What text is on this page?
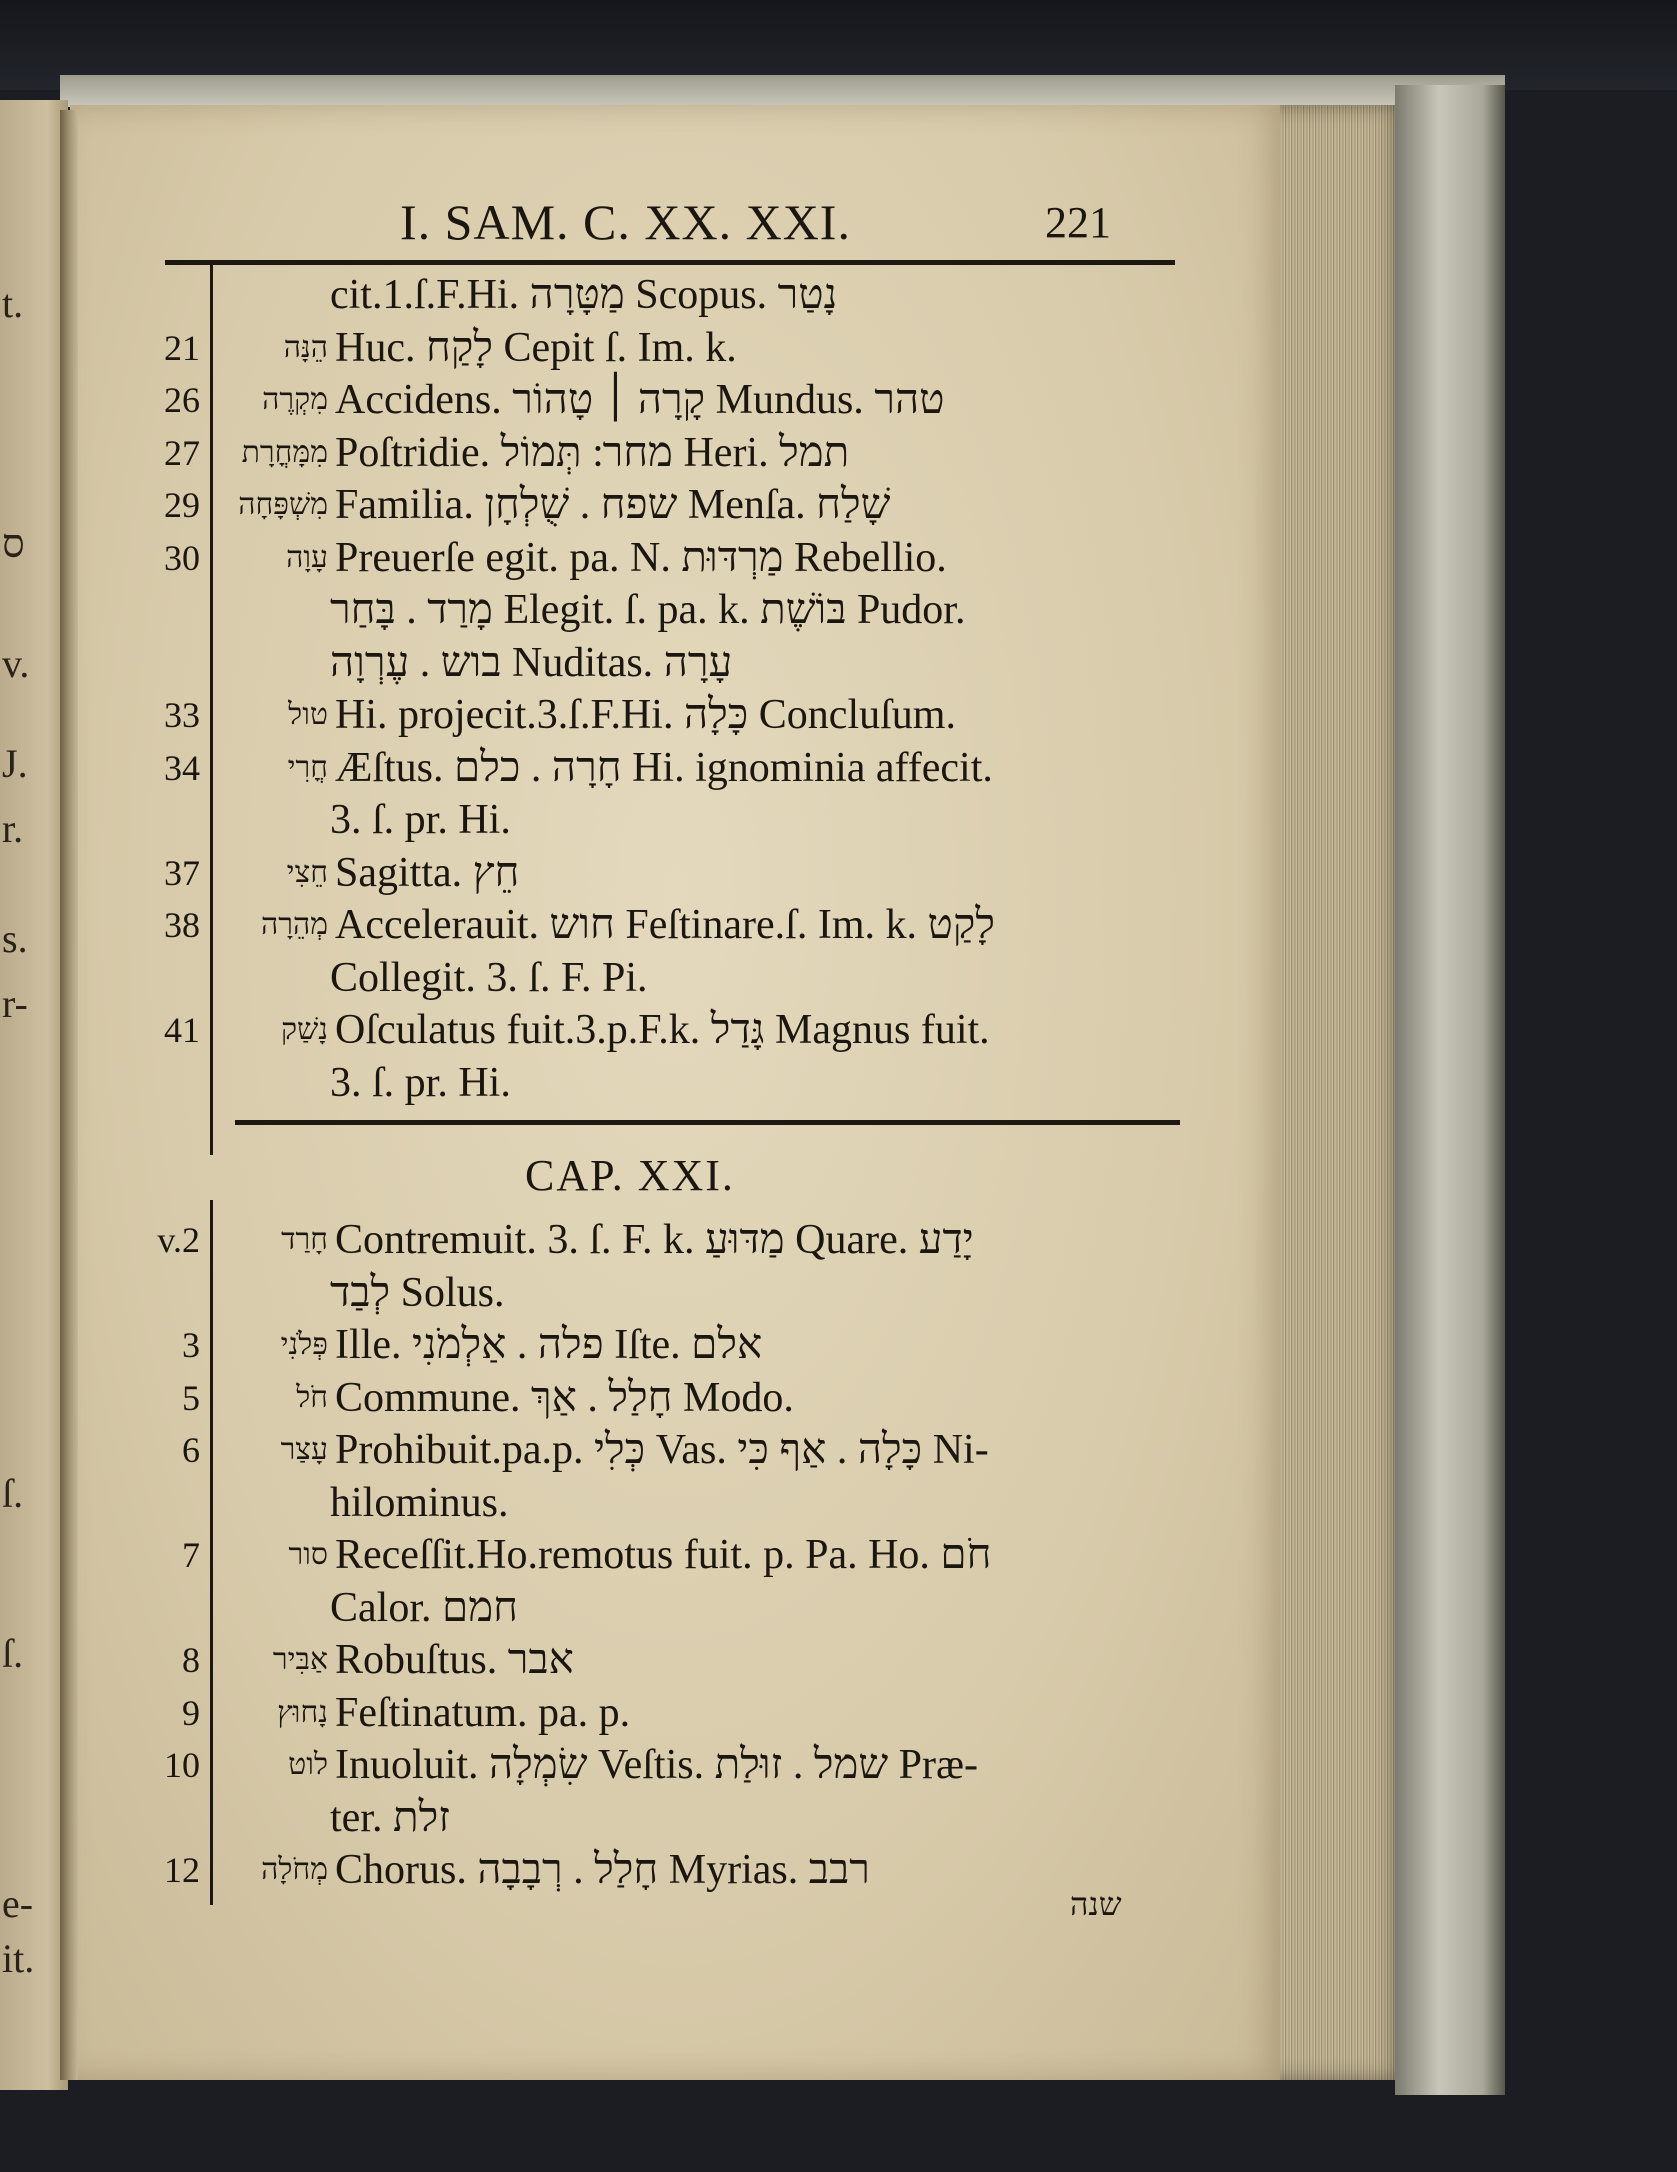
t.
ס
v.
J.
r.
s.
r-
ſ.
ſ.
e-
it.
I. SAM. C. XX. XXI.	221
CAP. XXI.
cit.1.ſ.F.Hi. מַטָּרָה Scopus. נָטַר
21	הֵנָּה Huc. לָקַח Cepit ſ. Im. k.
26	מִקְרֶה Accidens. קָרָה ׀ טָהוֹר Mundus. טהר
27	מִמָּחֳרָת Poſtridie. מחר ׃ תְּמוֹל Heri. תמל
29	מִשְׁפָּחָה Familia. שפח . שֻׁלְחָן Menſa. שָׁלַח
30	עָוָה Preuerſe egit. pa. N. מַרְדּוּת Rebellio.
מָרַד . בָּחַר Elegit. ſ. pa. k. בּוֹשֶׁת Pudor.
בוש . עֶרְוָה Nuditas. עָרָה
33	טול Hi. projecit.3.ſ.F.Hi. כָּלָה Concluſum.
34	חֳרִי Æſtus. חָרָה . כלם Hi. ignominia affecit.
3. ſ. pr. Hi.
37	חֵצִי Sagitta. חֵץ
38	מְהֵרָה Accelerauit. חוש Feſtinare.ſ. Im. k. לָקַט
Collegit. 3. ſ. F. Pi.
41	נָשַׁק Oſculatus fuit.3.p.F.k. גָּדַל Magnus fuit.
3. ſ. pr. Hi.
v.2	חָרַד Contremuit. 3. ſ. F. k. מַדּוּעַ Quare. יָדַע
לְבַד Solus.
3	פְּלֹנִי Ille. פלה . אַלְמֹנִי Iſte. אלם
5	חֹל Commune. חָלַל . אַךְ Modo.
6	עָצַר Prohibuit.pa.p. כְּלִי Vas. כָּלָה . אַף כִּי Ni-
hilominus.
7	סור Receſſit.Ho.remotus fuit. p. Pa. Ho. חֹם
Calor. חמם
8	אַבִּיר Robuſtus. אבר
9	נָחוּץ Feſtinatum. pa. p.
10	לוט Inuoluit. שִׂמְלָה Veſtis. שמל . זוּלַת Præ-
ter. זלת
12	מְחֹלָה Chorus. חָלַל . רְבָבָה Myrias. רבב
שנה
